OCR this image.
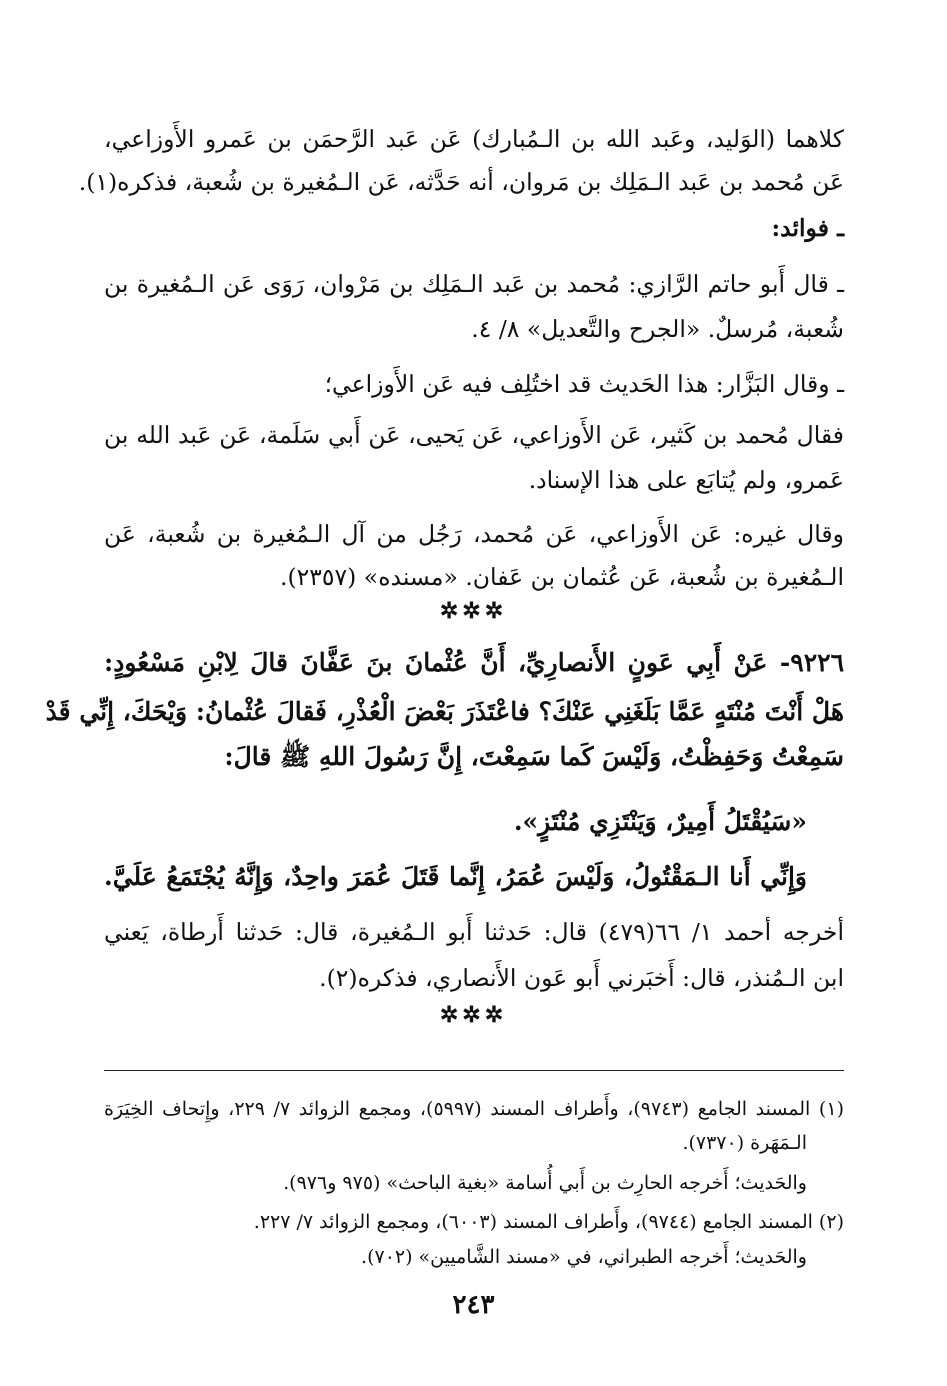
كلاهما (الوَليد، وعَبد الله بن الـمُبارك) عَن عَبد الرَّحمَن بن عَمرو الأَوزاعي،
عَن مُحمد بن عَبد الـمَلِك بن مَروان، أنه حَدَّثه، عَن الـمُغيرة بن شُعبة، فذكره(١).
ـ فوائد:
ـ قال أَبو حاتم الرَّازي: مُحمد بن عَبد الـمَلِك بن مَرْوان، رَوَى عَن الـمُغيرة بن
شُعبة، مُرسلٌ. «الجرح والتَّعديل» ٨/ ٤.
ـ وقال البَزَّار: هذا الحَديث قد اختُلِف فيه عَن الأَوزاعي؛
فقال مُحمد بن كَثير، عَن الأَوزاعي، عَن يَحيى، عَن أَبي سَلَمة، عَن عَبد الله بن
عَمرو، ولم يُتابَع على هذا الإسناد.
وقال غيره: عَن الأَوزاعي، عَن مُحمد، رَجُل من آل الـمُغيرة بن شُعبة، عَن
الـمُغيرة بن شُعبة، عَن عُثمان بن عَفان. «مسنده» (٢٣٥٧).
✲✲✲
٩٢٢٦- عَنْ أَبِي عَونٍ الأَنصارِيِّ، أَنَّ عُثْمانَ بنَ عَفَّانَ قالَ لِابْنِ مَسْعُودٍ:
هَلْ أَنْتَ مُنْتَهٍ عَمَّا بَلَغَنِي عَنْكَ؟ فاعْتَذَرَ بَعْضَ الْعُذْرِ، فَقالَ عُثْمانُ: وَيْحَكَ، إِنِّي قَدْ
سَمِعْتُ وَحَفِظْتُ، وَلَيْسَ كَما سَمِعْتَ، إِنَّ رَسُولَ اللهِ ﷺ قالَ:
«سَيُقْتَلُ أَمِيرٌ، وَيَنْتَزِي مُنْتَزٍ».
وَإِنِّي أَنا الـمَقْتُولُ، وَلَيْسَ عُمَرُ، إِنَّما قَتَلَ عُمَرَ واحِدٌ، وَإِنَّهُ يُجْتَمَعُ عَلَيَّ.
أخرجه أحمد ١/ ٦٦(٤٧٩) قال: حَدثنا أَبو الـمُغيرة، قال: حَدثنا أَرطاة، يَعني
ابن الـمُنذر، قال: أَخبَرني أَبو عَون الأَنصاري، فذكره(٢).
✲✲✲
(١) المسند الجامع (٩٧٤٣)، وأَطراف المسند (٥٩٩٧)، ومجمع الزوائد ٧/ ٢٢٩، وإِتحاف الخِيَرَة
الـمَهَرة (٧٣٧٠).
والحَديث؛ أَخرجه الحارِث بن أَبي أُسامة «بغية الباحث» (٩٧٥ و٩٧٦).
(٢) المسند الجامع (٩٧٤٤)، وأَطراف المسند (٦٠٠٣)، ومجمع الزوائد ٧/ ٢٢٧.
والحَديث؛ أَخرجه الطبراني، في «مسند الشَّاميين» (٧٠٢).
٢٤٣
